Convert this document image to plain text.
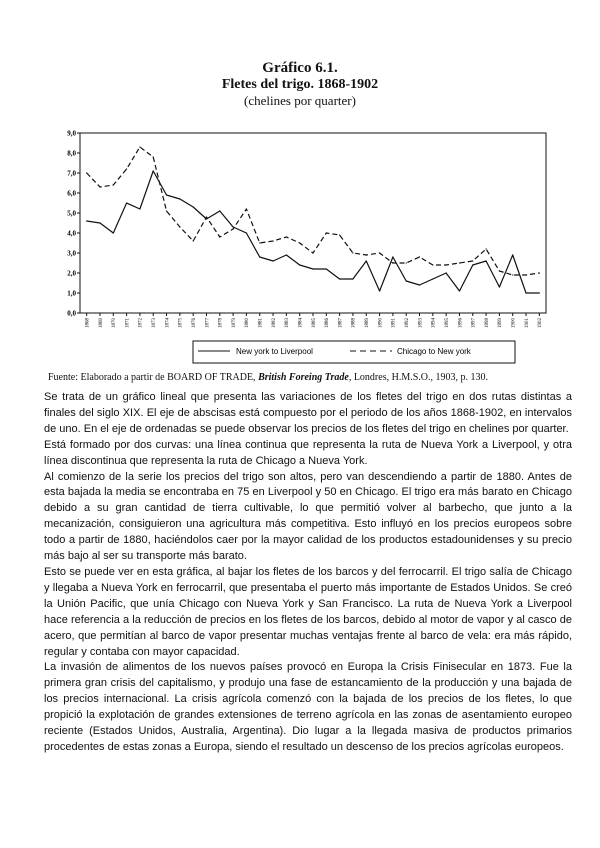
Gráfico 6.1.
Fletes del trigo. 1868-1902
(chelines por quarter)
0,0
1,0
2,0
3,0
4,0
5,0
6,0
7,0
8,0
9,0
1868 1869 1870 1871 1872 1873 1874 1875 1876 1877 1878 1879 1880 1881 1882 1883 1884 1885 1886 1887 1888 1889 1890 1891 1892 1893 1894 1895 1896 1897 1898 1899 1900 1901 1902
New york to Liverpool	Chicago to New york
Fuente: Elaborado a partir de BOARD OF TRADE, British Foreing Trade, Londres, H.M.S.O., 1903, p. 130.

Se trata de un gráfico lineal que presenta las variaciones de los fletes del trigo en dos rutas distintas a finales del siglo XIX. El eje de abscisas está compuesto por el periodo de los años 1868-1902, en intervalos de uno. En el eje de ordenadas se puede observar los precios de los fletes del trigo en chelines por quarter.

Está formado por dos curvas: una línea continua que representa la ruta de Nueva York a Liverpool, y otra línea discontinua que representa la ruta de Chicago a Nueva York.

Al comienzo de la serie los precios del trigo son altos, pero van descendiendo a partir de 1880. Antes de esta bajada la media se encontraba en 75 en Liverpool y 50 en Chicago. El trigo era más barato en Chicago debido a su gran cantidad de tierra cultivable, lo que permitió volver al barbecho, que junto a la mecanización, consiguieron una agricultura más competitiva. Esto influyó en los precios europeos sobre todo a partir de 1880, haciéndolos caer por la mayor calidad de los productos estadounidenses y su precio más bajo al ser su transporte más barato.

Esto se puede ver en esta gráfica, al bajar los fletes de los barcos y del ferrocarril. El trigo salía de Chicago y llegaba a Nueva York en ferrocarril, que presentaba el puerto más importante de Estados Unidos. Se creó la Unión Pacific, que unía Chicago con Nueva York y San Francisco. La ruta de Nueva York a Liverpool hace referencia a la reducción de precios en los fletes de los barcos, debido al motor de vapor y al casco de acero, que permitían al barco de vapor presentar muchas ventajas frente al barco de vela: era más rápido, regular y contaba con mayor capacidad.

La invasión de alimentos de los nuevos países provocó en Europa la Crisis Finisecular en 1873. Fue la primera gran crisis del capitalismo, y produjo una fase de estancamiento de la producción y una bajada de los precios internacional. La crisis agrícola comenzó con la bajada de los precios de los fletes, lo que propició la explotación de grandes extensiones de terreno agrícola en las zonas de asentamiento europeo reciente (Estados Unidos, Australia, Argentina). Dio lugar a la llegada masiva de productos primarios procedentes de estas zonas a Europa, siendo el resultado un descenso de los precios agrícolas europeos.
